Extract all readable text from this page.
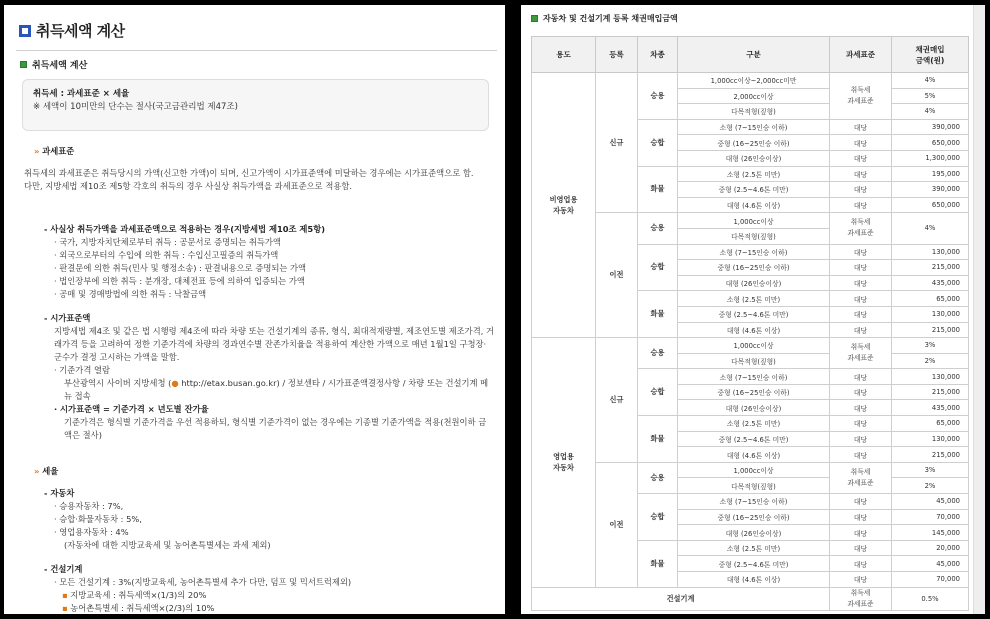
취득세액 계산
취득세액 계산
취득세 : 과세표준 × 세율
※ 세액이 10미만의 단수는 절사(국고금관리법 제47조)
» 과세표준
취득세의 과세표준은 취득당시의 가액(신고한 가액)이 되며, 신고가액이 시가표준액에 미달하는 경우에는 시가표준액으로 함.
다만, 지방세법 제10조 제5항 각호의 취득의 경우 사실상 취득가액을 과세표준으로 적용함.
- 사실상 취득가액을 과세표준액으로 적용하는 경우(지방세법 제10조 제5항)
· 국가, 지방자치단체로부터 취득 : 공문서로 증명되는 취득가액
· 외국으로부터의 수입에 의한 취득 : 수입신고필증의 취득가액
· 판결문에 의한 취득(민사 및 행정소송) : 판결내용으로 증명되는 가액
· 법인장부에 의한 취득 : 분개장, 대체전표 등에 의하여 입증되는 가액
· 공매 및 경매방법에 의한 취득 : 낙찰금액
- 시가표준액
지방세법 제4조 및 같은 법 시행령 제4조에 따라 차량 또는 건설기계의 종류, 형식, 최대적재량별, 제조연도별 제조가격, 거래가격 등을 고려하여 정한 기준가격에 차량의 경과연수별 잔존가치율을 적용하여 계산한 가액으로 매년 1월1일 구청장·군수가 결정 고시하는 가액을 말함.
· 기준가격 열람
부산광역시 사이버 지방세청 (● http://etax.busan.go.kr) / 정보센타 / 시가표준액결정사항 / 차량 또는 건설기계 메뉴 접속
· 시가표준액 = 기준가격 × 년도별 잔가율
기준가격은 형식별 기준가격을 우선 적용하되, 형식별 기준가격이 없는 경우에는 기종별 기준가액을 적용(천원이하 금액은 절사)
» 세율
- 자동차
· 승용자동차 : 7%,
· 승합·화물자동차 : 5%,
· 영업용자동차 : 4%
(자동차에 대한 지방교육세 및 농어촌특별세는 과세 제외)
- 건설기계
· 모든 건설기계 : 3%(지방교육세, 농어촌특별세 추가 다만, 덤프 및 믹서트럭제외)
▪ 지방교육세 : 취득세액×(1/3)의 20%
▪ 농어촌특별세 : 취득세액×(2/3)의 10%
자동차 및 건설기계 등록 채권매입금액
용도	등록	차종	구분	과세표준	채권매입
금액(원)
비영업용
자동차	신규	승용	1,000cc이상~2,000cc미만	취득세
과세표준	4%
			2,000cc이상		5%
			다목적형(짚형)		4%
		승합	소형 (7~15인승 이하)	대당	390,000
			중형 (16~25인승 이하)	대당	650,000
			대형 (26인승이상)	대당	1,300,000
		화물	소형 (2.5톤 미만)	대당	195,000
			중형 (2.5~4.6톤 미만)	대당	390,000
			대형 (4.6톤 이상)	대당	650,000
	이전	승용	1,000cc이상	취득세
과세표준	4%
			다목적형(짚형)		
		승합	소형 (7~15인승 이하)	대당	130,000
			중형 (16~25인승 이하)	대당	215,000
			대형 (26인승이상)	대당	435,000
		화물	소형 (2.5톤 미만)	대당	65,000
			중형 (2.5~4.6톤 미만)	대당	130,000
			대형 (4.6톤 이상)	대당	215,000
영업용
자동차	신규	승용	1,000cc이상	취득세
과세표준	3%
			다목적형(짚형)		2%
		승합	소형 (7~15인승 이하)	대당	130,000
			중형 (16~25인승 이하)	대당	215,000
			대형 (26인승이상)	대당	435,000
		화물	소형 (2.5톤 미만)	대당	65,000
			중형 (2.5~4.6톤 미만)	대당	130,000
			대형 (4.6톤 이상)	대당	215,000
	이전	승용	1,000cc이상	취득세
과세표준	3%
			다목적형(짚형)		2%
		승합	소형 (7~15인승 이하)	대당	45,000
			중형 (16~25인승 이하)	대당	70,000
			대형 (26인승이상)	대당	145,000
		화물	소형 (2.5톤 미만)	대당	20,000
			중형 (2.5~4.6톤 미만)	대당	45,000
			대형 (4.6톤 이상)	대당	70,000
건설기계				취득세
과세표준	0.5%
